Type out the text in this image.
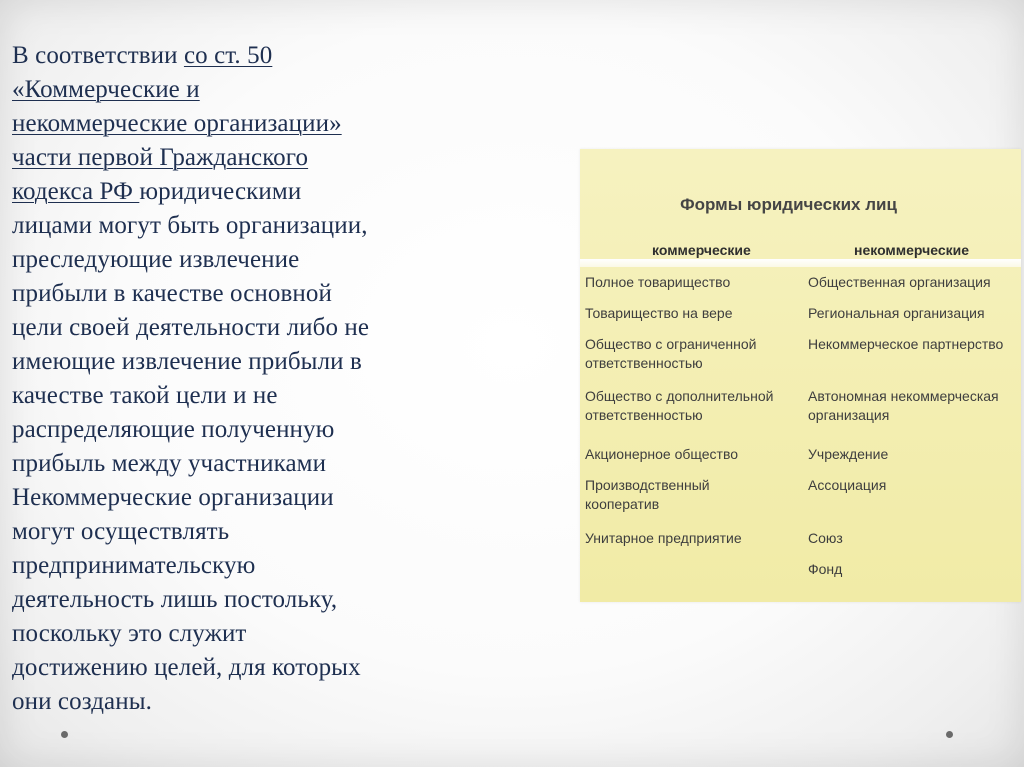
В соответствии со ст. 50
«Коммерческие и
некоммерческие организации»
части первой Гражданского
кодекса РФ юридическими
лицами могут быть организации,
преследующие извлечение
прибыли в качестве основной
цели своей деятельности либо не
имеющие извлечение прибыли в
качестве такой цели и не
распределяющие полученную
прибыль между участниками
Некоммерческие организации
могут осуществлять
предпринимательскую
деятельность лишь постольку,
поскольку это служит
достижению целей, для которых
они созданы.
Формы юридических лиц
коммерческие	некоммерческие
Полное товарищество
Товарищество на вере
Общество с ограниченной
ответственностью
Общество с дополнительной
ответственностью
Акционерное общество
Производственный
кооператив
Унитарное предприятие
Общественная организация
Региональная организация
Некоммерческое партнерство
Автономная некоммерческая
организация
Учреждение
Ассоциация
Союз
Фонд
